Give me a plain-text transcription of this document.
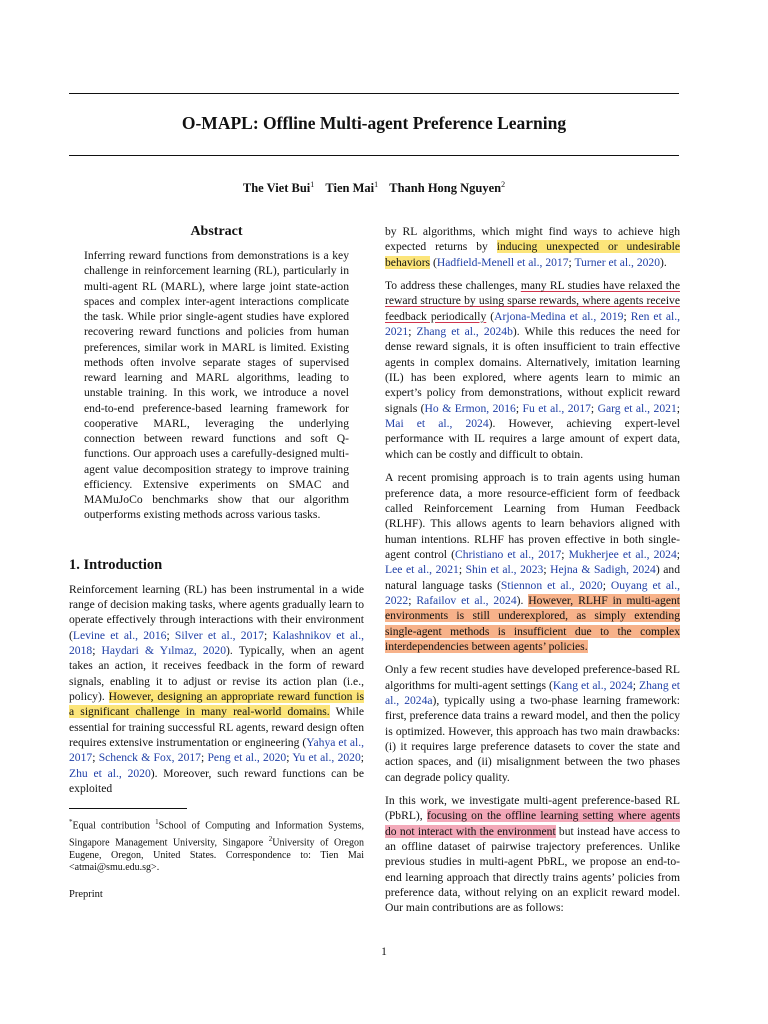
O-MAPL: Offline Multi-agent Preference Learning
The Viet Bui$^1$ Tien Mai$^1$ Thanh Hong Nguyen$^2$
Abstract

Inferring reward functions from demonstrations is a key challenge in reinforcement learning (RL), particularly in multi-agent RL (MARL), where large joint state-action spaces and complex inter-agent interactions complicate the task. While prior single-agent studies have explored recovering reward functions and policies from human preferences, similar work in MARL is limited. Existing methods often involve separate stages of supervised reward learning and MARL algorithms, leading to unstable training. In this work, we introduce a novel end-to-end preference-based learning framework for cooperative MARL, leveraging the underlying connection between reward functions and soft Q-functions. Our approach uses a carefully-designed multi-agent value decomposition strategy to improve training efficiency. Extensive experiments on SMAC and MAMuJoCo benchmarks show that our algorithm outperforms existing methods across various tasks.

1. Introduction

Reinforcement learning (RL) has been instrumental in a wide range of decision making tasks, where agents gradually learn to operate effectively through interactions with their environment (Levine et al., 2016; Silver et al., 2017; Kalashnikov et al., 2018; Haydari & Yılmaz, 2020). Typically, when an agent takes an action, it receives feedback in the form of reward signals, enabling it to adjust or revise its action plan (i.e., policy). However, designing an appropriate reward function is a significant challenge in many real-world domains. While essential for training successful RL agents, reward design often requires extensive instrumentation or engineering (Yahya et al., 2017; Schenck & Fox, 2017; Peng et al., 2020; Yu et al., 2020; Zhu et al., 2020). Moreover, such reward functions can be exploited

*Equal contribution $^1$School of Computing and Information Systems, Singapore Management University, Singapore $^2$University of Oregon Eugene, Oregon, United States. Correspondence to: Tien Mai <atmai@smu.edu.sg>.
Preprint

by RL algorithms, which might find ways to achieve high expected returns by inducing unexpected or undesirable behaviors (Hadfield-Menell et al., 2017; Turner et al., 2020).

To address these challenges, many RL studies have relaxed the reward structure by using sparse rewards, where agents receive feedback periodically (Arjona-Medina et al., 2019; Ren et al., 2021; Zhang et al., 2024b). While this reduces the need for dense reward signals, it is often insufficient to train effective agents in complex domains. Alternatively, imitation learning (IL) has been explored, where agents learn to mimic an expert’s policy from demonstrations, without explicit reward signals (Ho & Ermon, 2016; Fu et al., 2017; Garg et al., 2021; Mai et al., 2024). However, achieving expert-level performance with IL requires a large amount of expert data, which can be costly and difficult to obtain.

A recent promising approach is to train agents using human preference data, a more resource-efficient form of feedback called Reinforcement Learning from Human Feedback (RLHF). This allows agents to learn behaviors aligned with human intentions. RLHF has proven effective in both single-agent control (Christiano et al., 2017; Mukherjee et al., 2024; Lee et al., 2021; Shin et al., 2023; Hejna & Sadigh, 2024) and natural language tasks (Stiennon et al., 2020; Ouyang et al., 2022; Rafailov et al., 2024). However, RLHF in multi-agent environments is still underexplored, as simply extending single-agent methods is insufficient due to the complex interdependencies between agents’ policies.

Only a few recent studies have developed preference-based RL algorithms for multi-agent settings (Kang et al., 2024; Zhang et al., 2024a), typically using a two-phase learning framework: first, preference data trains a reward model, and then the policy is optimized. However, this approach has two main drawbacks: (i) it requires large preference datasets to cover the state and action spaces, and (ii) misalignment between the two phases can degrade policy quality.

In this work, we investigate multi-agent preference-based RL (PbRL), focusing on the offline learning setting where agents do not interact with the environment but instead have access to an offline dataset of pairwise trajectory preferences. Unlike previous studies in multi-agent PbRL, we propose an end-to-end learning approach that directly trains agents’ policies from preference data, without relying on an explicit reward model. Our main contributions are as follows:

1
